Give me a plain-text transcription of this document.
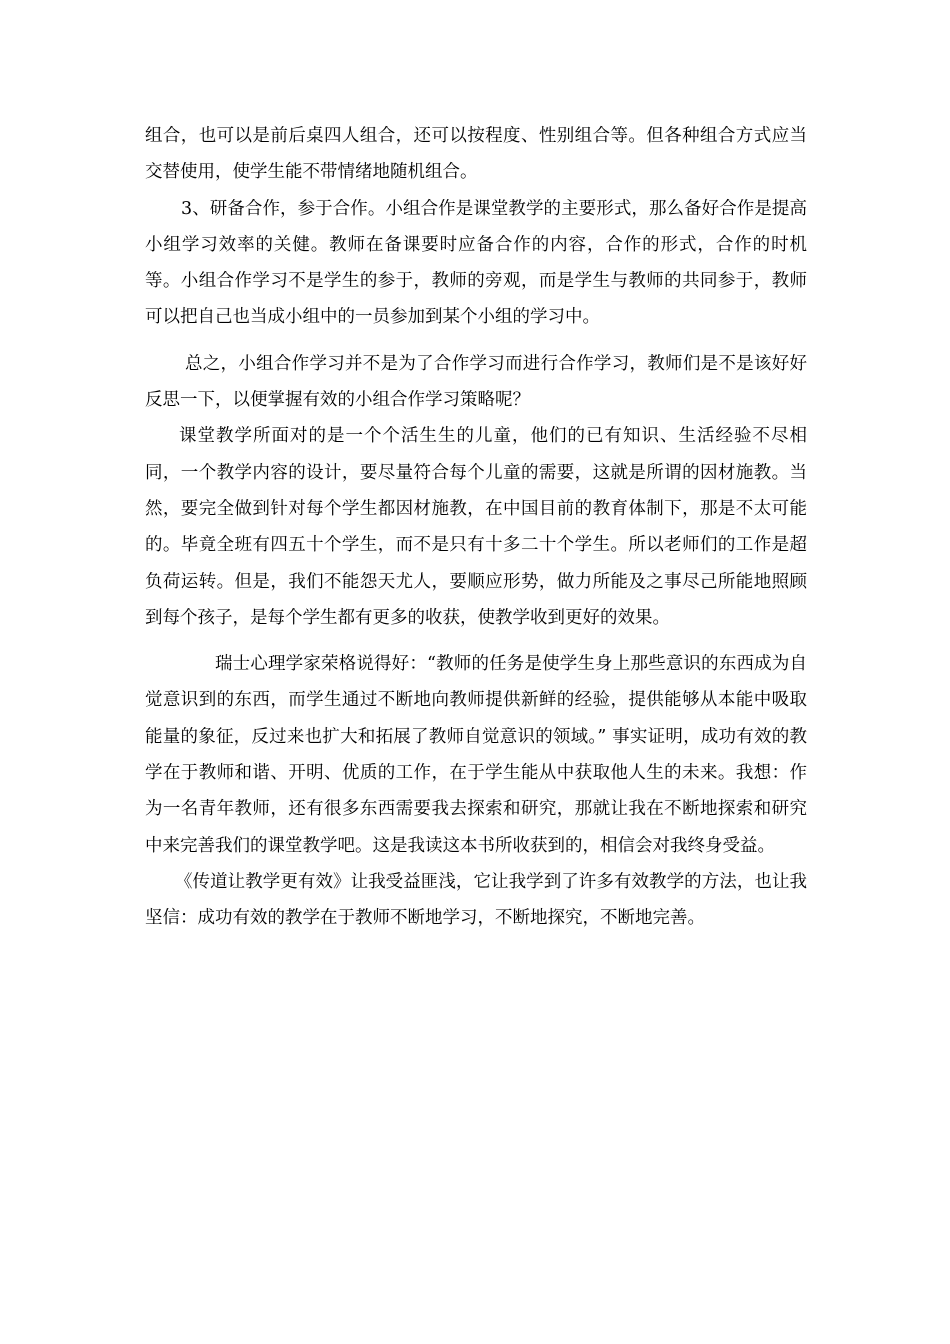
组合，也可以是前后桌四人组合，还可以按程度、性别组合等。但各种组合方式应当交替使用，使学生能不带情绪地随机组合。

3、研备合作，参于合作。小组合作是课堂教学的主要形式，那么备好合作是提高小组学习效率的关健。教师在备课要时应备合作的内容，合作的形式，合作的时机等。小组合作学习不是学生的参于，教师的旁观，而是学生与教师的共同参于，教师可以把自己也当成小组中的一员参加到某个小组的学习中。

总之，小组合作学习并不是为了合作学习而进行合作学习，教师们是不是该好好反思一下，以便掌握有效的小组合作学习策略呢？

课堂教学所面对的是一个个活生生的儿童，他们的已有知识、生活经验不尽相同，一个教学内容的设计，要尽量符合每个儿童的需要，这就是所谓的因材施教。当然，要完全做到针对每个学生都因材施教，在中国目前的教育体制下，那是不太可能的。毕竟全班有四五十个学生，而不是只有十多二十个学生。所以老师们的工作是超负荷运转。但是，我们不能怨天尤人，要顺应形势，做力所能及之事尽己所能地照顾到每个孩子，是每个学生都有更多的收获，使教学收到更好的效果。

瑞士心理学家荣格说得好：“教师的任务是使学生身上那些意识的东西成为自觉意识到的东西，而学生通过不断地向教师提供新鲜的经验，提供能够从本能中吸取能量的象征，反过来也扩大和拓展了教师自觉意识的领域。” 事实证明，成功有效的教学在于教师和谐、开明、优质的工作，在于学生能从中获取他人生的未来。我想：作为一名青年教师，还有很多东西需要我去探索和研究，那就让我在不断地探索和研究中来完善我们的课堂教学吧。这是我读这本书所收获到的，相信会对我终身受益。

《传道让教学更有效》让我受益匪浅，它让我学到了许多有效教学的方法，也让我坚信：成功有效的教学在于教师不断地学习，不断地探究，不断地完善。
